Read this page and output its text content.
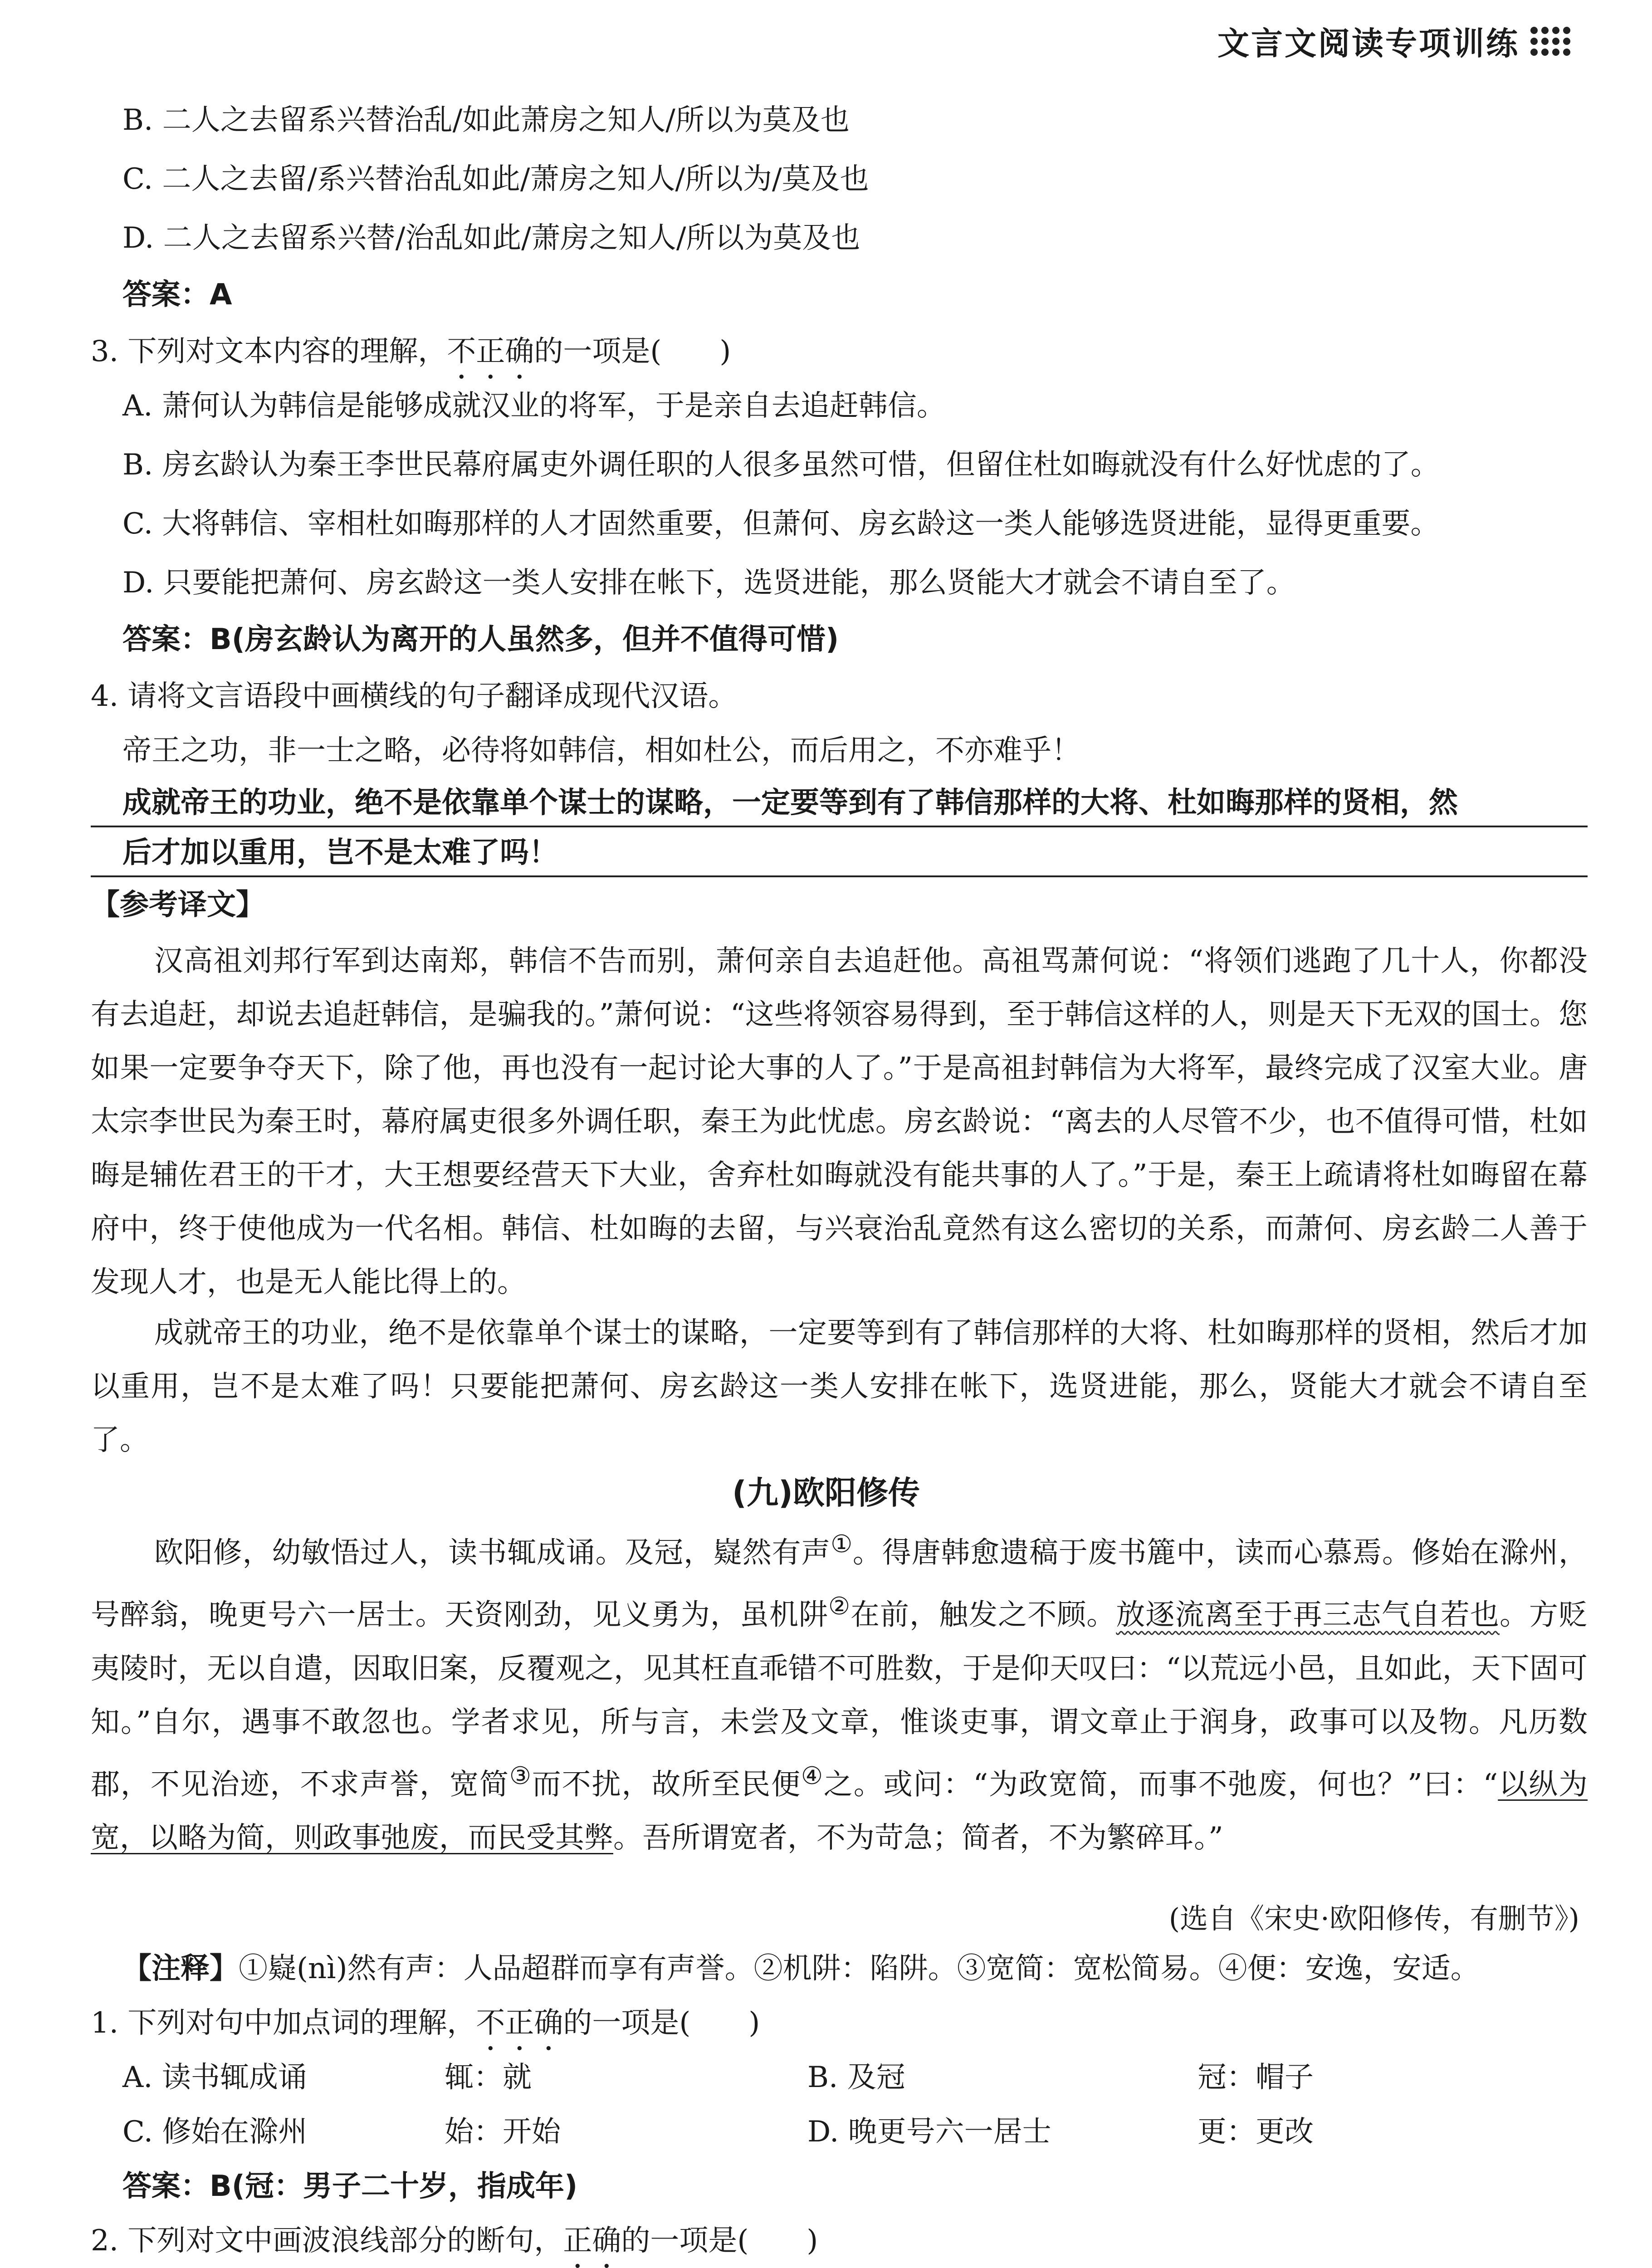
文言文阅读专项训练
B. 二人之去留系兴替治乱/如此萧房之知人/所以为莫及也
C. 二人之去留/系兴替治乱如此/萧房之知人/所以为/莫及也
D. 二人之去留系兴替/治乱如此/萧房之知人/所以为莫及也
答案：A
3. 下列对文本内容的理解，不正确的一项是(　　)
A. 萧何认为韩信是能够成就汉业的将军，于是亲自去追赶韩信。
B. 房玄龄认为秦王李世民幕府属吏外调任职的人很多虽然可惜，但留住杜如晦就没有什么好忧虑的了。
C. 大将韩信、宰相杜如晦那样的人才固然重要，但萧何、房玄龄这一类人能够选贤进能，显得更重要。
D. 只要能把萧何、房玄龄这一类人安排在帐下，选贤进能，那么贤能大才就会不请自至了。
答案：B(房玄龄认为离开的人虽然多，但并不值得可惜)
4. 请将文言语段中画横线的句子翻译成现代汉语。
帝王之功，非一士之略，必待将如韩信，相如杜公，而后用之，不亦难乎！
成就帝王的功业，绝不是依靠单个谋士的谋略，一定要等到有了韩信那样的大将、杜如晦那样的贤相，然
后才加以重用，岂不是太难了吗！
【参考译文】
汉高祖刘邦行军到达南郑，韩信不告而别，萧何亲自去追赶他。高祖骂萧何说：“将领们逃跑了几十人，你都没有去追赶，却说去追赶韩信，是骗我的。”萧何说：“这些将领容易得到，至于韩信这样的人，则是天下无双的国士。您如果一定要争夺天下，除了他，再也没有一起讨论大事的人了。”于是高祖封韩信为大将军，最终完成了汉室大业。唐太宗李世民为秦王时，幕府属吏很多外调任职，秦王为此忧虑。房玄龄说：“离去的人尽管不少，也不值得可惜，杜如晦是辅佐君王的干才，大王想要经营天下大业，舍弃杜如晦就没有能共事的人了。”于是，秦王上疏请将杜如晦留在幕府中，终于使他成为一代名相。韩信、杜如晦的去留，与兴衰治乱竟然有这么密切的关系，而萧何、房玄龄二人善于发现人才，也是无人能比得上的。
成就帝王的功业，绝不是依靠单个谋士的谋略，一定要等到有了韩信那样的大将、杜如晦那样的贤相，然后才加以重用，岂不是太难了吗！只要能把萧何、房玄龄这一类人安排在帐下，选贤进能，那么，贤能大才就会不请自至了。
(九)欧阳修传
欧阳修，幼敏悟过人，读书辄成诵。及冠，嶷然有声①。得唐韩愈遗稿于废书簏中，读而心慕焉。修始在滁州，号醉翁，晚更号六一居士。天资刚劲，见义勇为，虽机阱②在前，触发之不顾。放逐流离至于再三志气自若也。方贬夷陵时，无以自遣，因取旧案，反覆观之，见其枉直乖错不可胜数，于是仰天叹曰：“以荒远小邑，且如此，天下固可知。”自尔，遇事不敢忽也。学者求见，所与言，未尝及文章，惟谈吏事，谓文章止于润身，政事可以及物。凡历数郡，不见治迹，不求声誉，宽简③而不扰，故所至民便④之。或问：“为政宽简，而事不弛废，何也？”曰：“以纵为宽，以略为简，则政事弛废，而民受其弊。吾所谓宽者，不为苛急；简者，不为繁碎耳。”
(选自《宋史·欧阳修传，有删节》)
【注释】①嶷(nì)然有声：人品超群而享有声誉。②机阱：陷阱。③宽简：宽松简易。④便：安逸，安适。
1. 下列对句中加点词的理解，不正确的一项是(　　)
A. 读书辄成诵	辄：就	B. 及冠	冠：帽子
C. 修始在滁州	始：开始	D. 晚更号六一居士	更：更改
答案：B(冠：男子二十岁，指成年)
2. 下列对文中画波浪线部分的断句，正确的一项是(　　)
